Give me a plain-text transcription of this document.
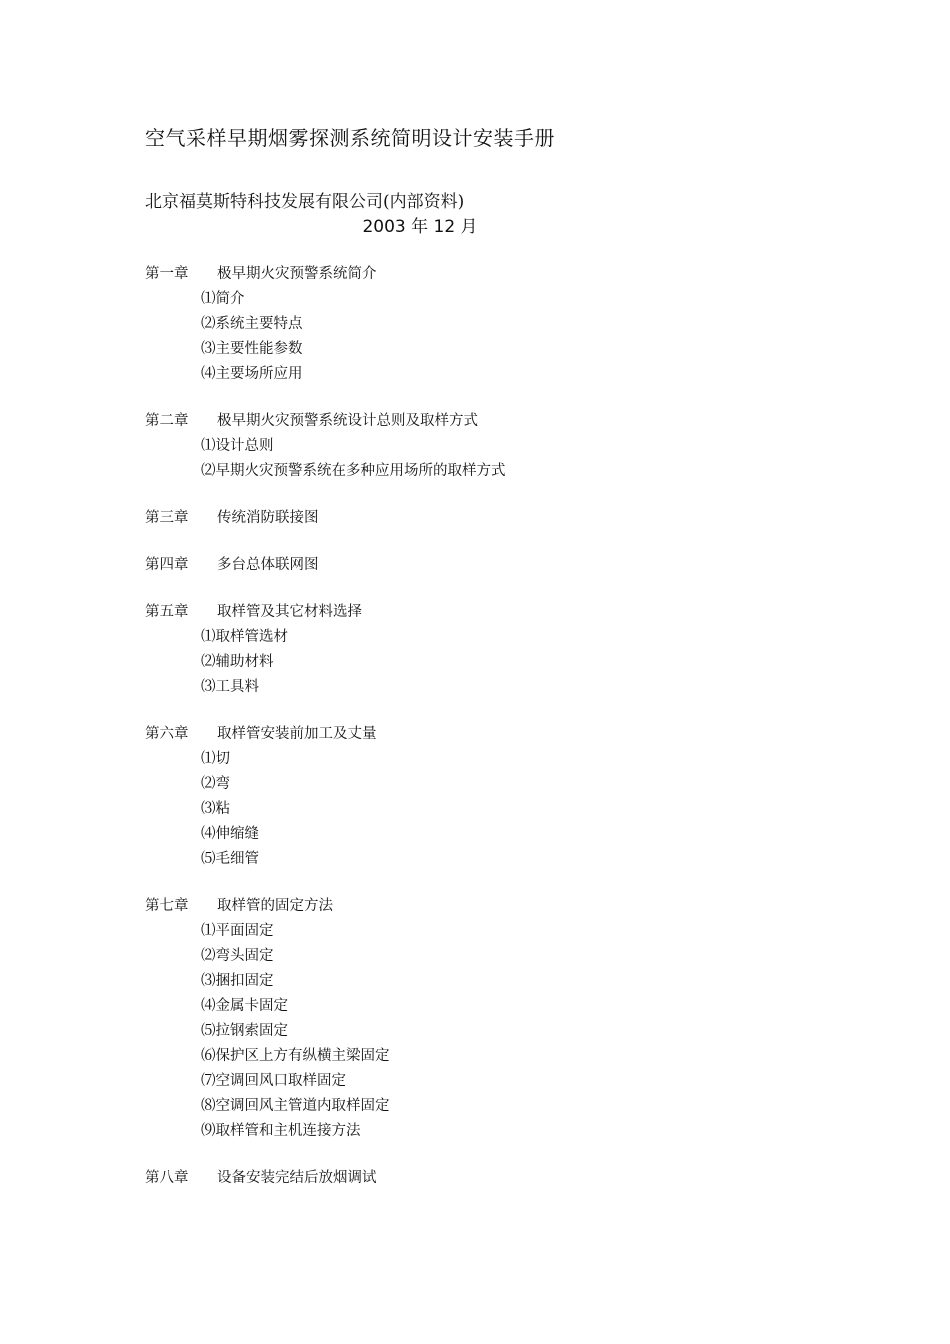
空气采样早期烟雾探测系统简明设计安装手册
北京福莫斯特科技发展有限公司(内部资料)
2003 年 12 月
第一章	极早期火灾预警系统简介
⑴简介
⑵系统主要特点
⑶主要性能参数
⑷主要场所应用
第二章	极早期火灾预警系统设计总则及取样方式
⑴设计总则
⑵早期火灾预警系统在多种应用场所的取样方式
第三章	传统消防联接图
第四章	多台总体联网图
第五章	取样管及其它材料选择
⑴取样管选材
⑵辅助材料
⑶工具料
第六章	取样管安装前加工及丈量
⑴切
⑵弯
⑶粘
⑷伸缩缝
⑸毛细管
第七章	取样管的固定方法
⑴平面固定
⑵弯头固定
⑶捆扣固定
⑷金属卡固定
⑸拉钢索固定
⑹保护区上方有纵横主梁固定
⑺空调回风口取样固定
⑻空调回风主管道内取样固定
⑼取样管和主机连接方法
第八章	设备安装完结后放烟调试
